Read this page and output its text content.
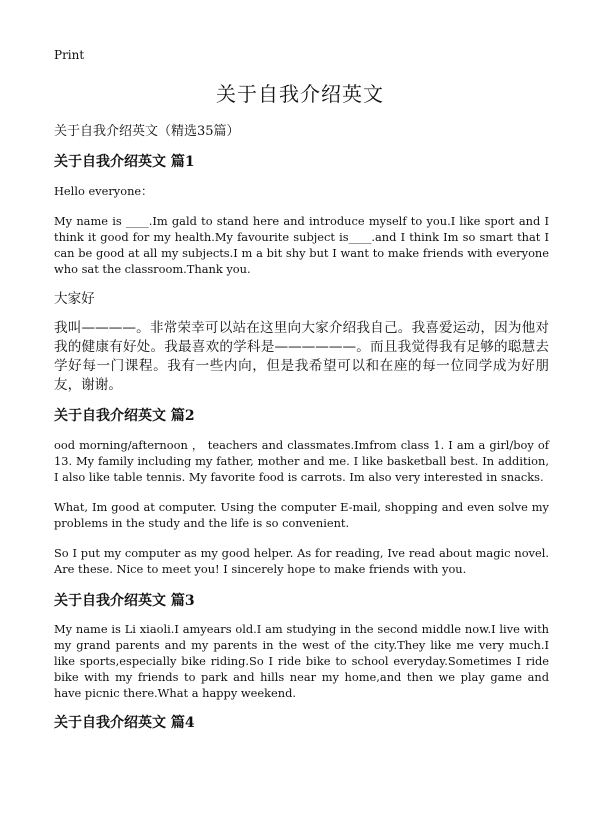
Print
关于自我介绍英文
关于自我介绍英文（精选35篇）
关于自我介绍英文 篇1
Hello everyone：
My name is ____.Im gald to stand here and introduce myself to you.I like sport and I think it good for my health.My favourite subject is____.and I think Im so smart that I can be good at all my subjects.I m a bit shy but I want to make friends with everyone who sat the classroom.Thank you.
大家好
我叫————。非常荣幸可以站在这里向大家介绍我自己。我喜爱运动，因为他对我的健康有好处。我最喜欢的学科是——————。而且我觉得我有足够的聪慧去学好每一门课程。我有一些内向，但是我希望可以和在座的每一位同学成为好朋友，谢谢。
关于自我介绍英文 篇2
ood morning/afternoon ， teachers and classmates.Imfrom class 1. I am a girl/boy of 13. My family including my father, mother and me. I like basketball best. In addition, I also like table tennis. My favorite food is carrots. Im also very interested in snacks.
What, Im good at computer. Using the computer E-mail, shopping and even solve my problems in the study and the life is so convenient.
So I put my computer as my good helper. As for reading, Ive read about magic novel. Are these. Nice to meet you! I sincerely hope to make friends with you.
关于自我介绍英文 篇3
My name is Li xiaoli.I amyears old.I am studying in the second middle now.I live with my grand parents and my parents in the west of the city.They like me very much.I like sports,especially bike riding.So I ride bike to school everyday.Sometimes I ride bike with my friends to park and hills near my home,and then we play game and have picnic there.What a happy weekend.
关于自我介绍英文 篇4
